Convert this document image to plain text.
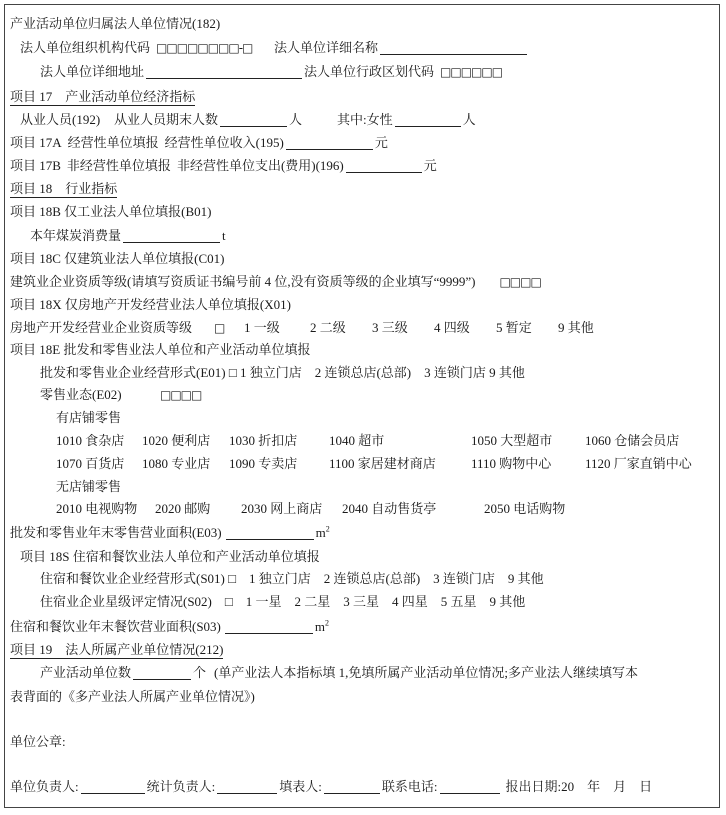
产业活动单位归属法人单位情况(182)
法人单位组织机构代码 □□□□□□□□-□	法人单位详细名称
法人单位详细地址	法人单位行政区划代码 □□□□□□
项目 17　产业活动单位经济指标
从业人员(192)	从业人员期末人数	人	其中:女性	人
项目 17A 经营性单位填报 经营性单位收入(195)	元
项目 17B 非经营性单位填报 非经营性单位支出(费用)(196)	元
项目 18　行业指标
项目 18B 仅工业法人单位填报(B01)
本年煤炭消费量	t
项目 18C 仅建筑业法人单位填报(C01)
建筑业企业资质等级(请填写资质证书编号前 4 位,没有资质等级的企业填写“9999”)	□□□□
项目 18X 仅房地产开发经营业法人单位填报(X01)
房地产开发经营业企业资质等级	□	1 一级	2 二级	3 三级	4 四级	5 暂定	9 其他
项目 18E 批发和零售业法人单位和产业活动单位填报
批发和零售业企业经营形式(E01) □ 1 独立门店　2 连锁总店(总部)　3 连锁门店 9 其他
零售业态(E02)	□□□□
有店铺零售
1010 食杂店	1020 便利店	1030 折扣店	1040 超市	1050 大型超市	1060 仓储会员店
1070 百货店	1080 专业店	1090 专卖店	1100 家居建材商店	1110 购物中心	1120 厂家直销中心
无店铺零售
2010 电视购物	2020 邮购	2030 网上商店	2040 自动售货亭	2050 电话购物
批发和零售业年末零售营业面积(E03)	$m^2$
项目 18S 住宿和餐饮业法人单位和产业活动单位填报
住宿和餐饮业企业经营形式(S01) □　1 独立门店　2 连锁总店(总部)　3 连锁门店　9 其他
住宿业企业星级评定情况(S02)　□　1 一星　2 二星　3 三星　4 四星　5 五星　9 其他
住宿和餐饮业年末餐饮营业面积(S03)	$m^2$
项目 19　法人所属产业单位情况(212)
产业活动单位数	个 (单产业法人本指标填 1,免填所属产业活动单位情况;多产业法人继续填写本
表背面的《多产业法人所属产业单位情况》)
单位公章:
单位负责人:	统计负责人:	填表人:	联系电话:	报出日期:20　年　月　日
